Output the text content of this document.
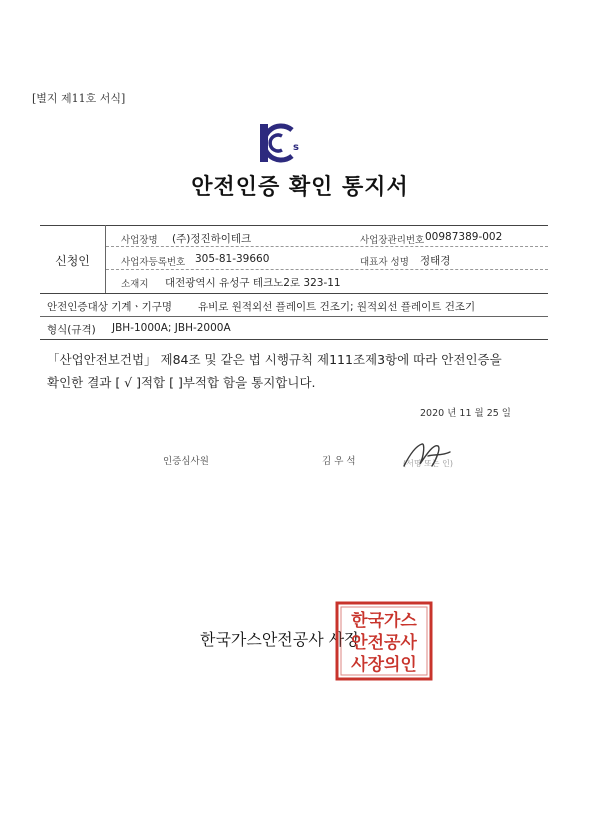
[별지 제11호 서식]
s
안전인증 확인 통지서
신청인
사업장명 (주)정진하이테크	사업장관리번호 00987389-002
사업자등록번호 305-81-39660	대표자 성명 정태경
소재지 대전광역시 유성구 테크노2로 323-11
안전인증대상 기계ㆍ기구명 유비로 원적외선 플레이트 건조기; 원적외선 플레이트 건조기
형식(규격) JBH-1000A; JBH-2000A
「산업안전보건법」 제84조 및 같은 법 시행규칙 제111조제3항에 따라 안전인증을
확인한 결과 [ √ ]적합 [ ]부적합 함을 통지합니다.
2020 년 11 월 25 일
인증심사원	김 우 석	(서명 또는 인)
한국가스안전공사 사장
한국가스
안전공사
사장의인
